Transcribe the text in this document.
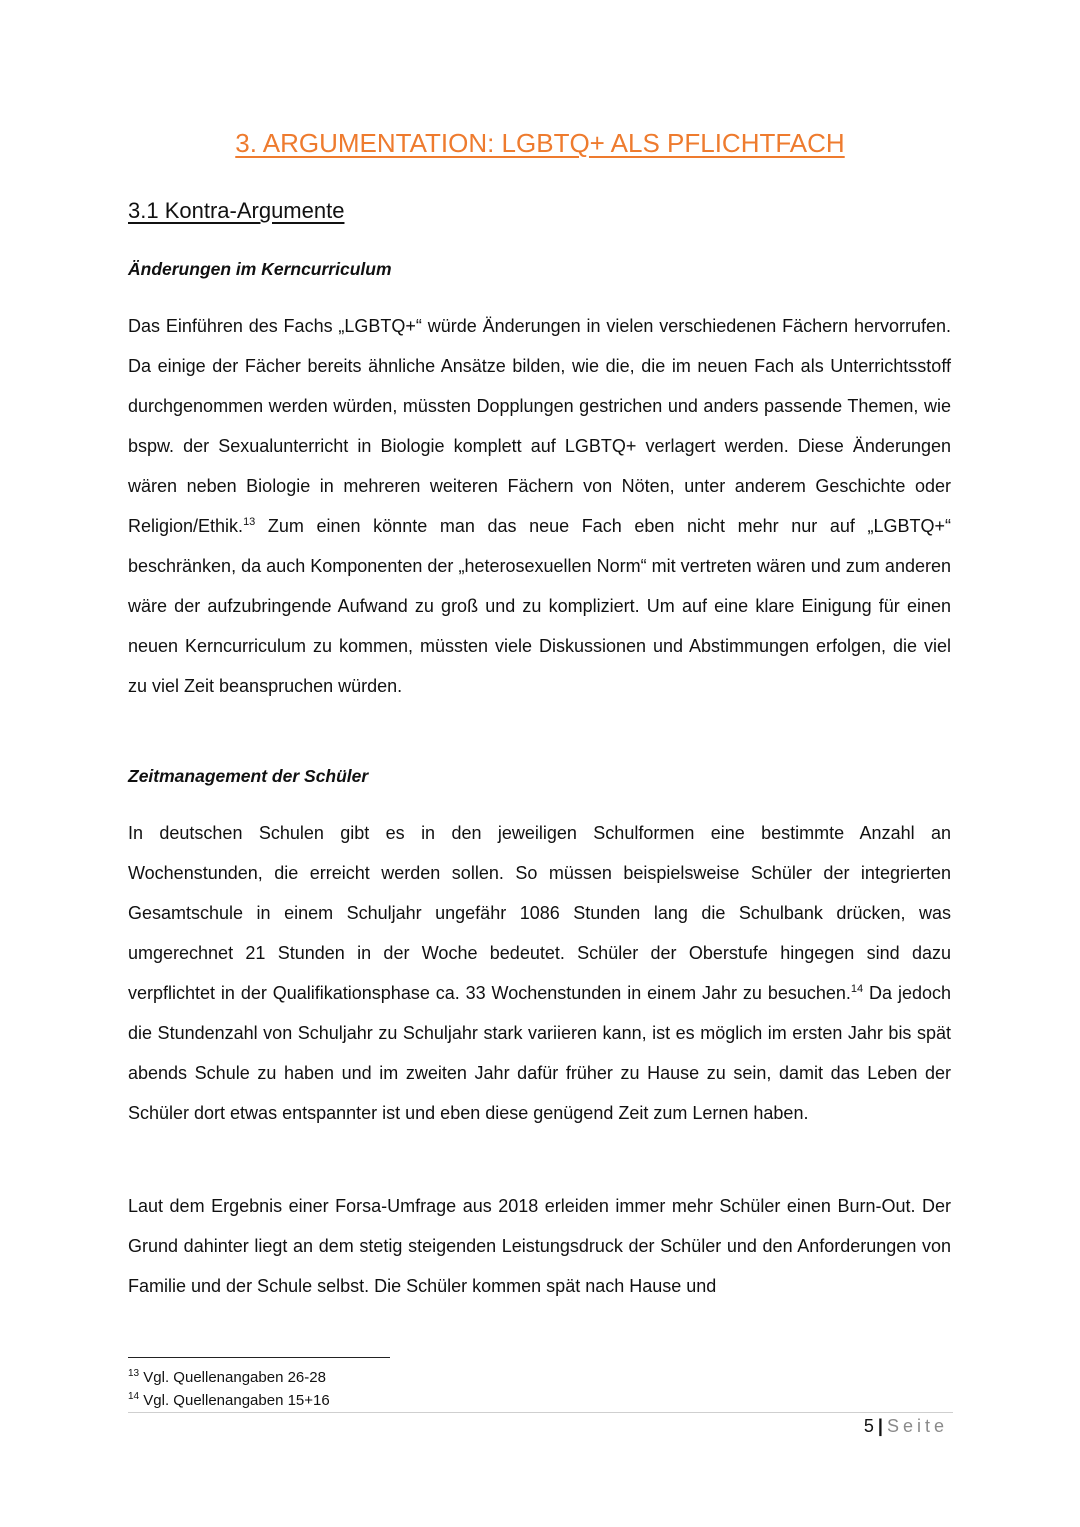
3. ARGUMENTATION: LGBTQ+ ALS PFLICHTFACH
3.1 Kontra-Argumente
Änderungen im Kerncurriculum

Das Einführen des Fachs „LGBTQ+“ würde Änderungen in vielen verschiedenen Fächern hervorrufen. Da einige der Fächer bereits ähnliche Ansätze bilden, wie die, die im neuen Fach als Unterrichtsstoff durchgenommen werden würden, müssten Dopplungen gestrichen und anders passende Themen, wie bspw. der Sexualunterricht in Biologie komplett auf LGBTQ+ verlagert werden. Diese Änderungen wären neben Biologie in mehreren weiteren Fächern von Nöten, unter anderem Geschichte oder Religion/Ethik.$^{13}$ Zum einen könnte man das neue Fach eben nicht mehr nur auf „LGBTQ+“ beschränken, da auch Komponenten der „heterosexuellen Norm“ mit vertreten wären und zum anderen wäre der aufzubringende Aufwand zu groß und zu kompliziert. Um auf eine klare Einigung für einen neuen Kerncurriculum zu kommen, müssten viele Diskussionen und Abstimmungen erfolgen, die viel zu viel Zeit beanspruchen würden.

Zeitmanagement der Schüler

In deutschen Schulen gibt es in den jeweiligen Schulformen eine bestimmte Anzahl an Wochenstunden, die erreicht werden sollen. So müssen beispielsweise Schüler der integrierten Gesamtschule in einem Schuljahr ungefähr 1086 Stunden lang die Schulbank drücken, was umgerechnet 21 Stunden in der Woche bedeutet. Schüler der Oberstufe hingegen sind dazu verpflichtet in der Qualifikationsphase ca. 33 Wochenstunden in einem Jahr zu besuchen.$^{14}$ Da jedoch die Stundenzahl von Schuljahr zu Schuljahr stark variieren kann, ist es möglich im ersten Jahr bis spät abends Schule zu haben und im zweiten Jahr dafür früher zu Hause zu sein, damit das Leben der Schüler dort etwas entspannter ist und eben diese genügend Zeit zum Lernen haben.

Laut dem Ergebnis einer Forsa-Umfrage aus 2018 erleiden immer mehr Schüler einen Burn-Out. Der Grund dahinter liegt an dem stetig steigenden Leistungsdruck der Schüler und den Anforderungen von Familie und der Schule selbst. Die Schüler kommen spät nach Hause und

$^{13}$ Vgl. Quellenangaben 26-28
$^{14}$ Vgl. Quellenangaben 15+16
5 | Seite
